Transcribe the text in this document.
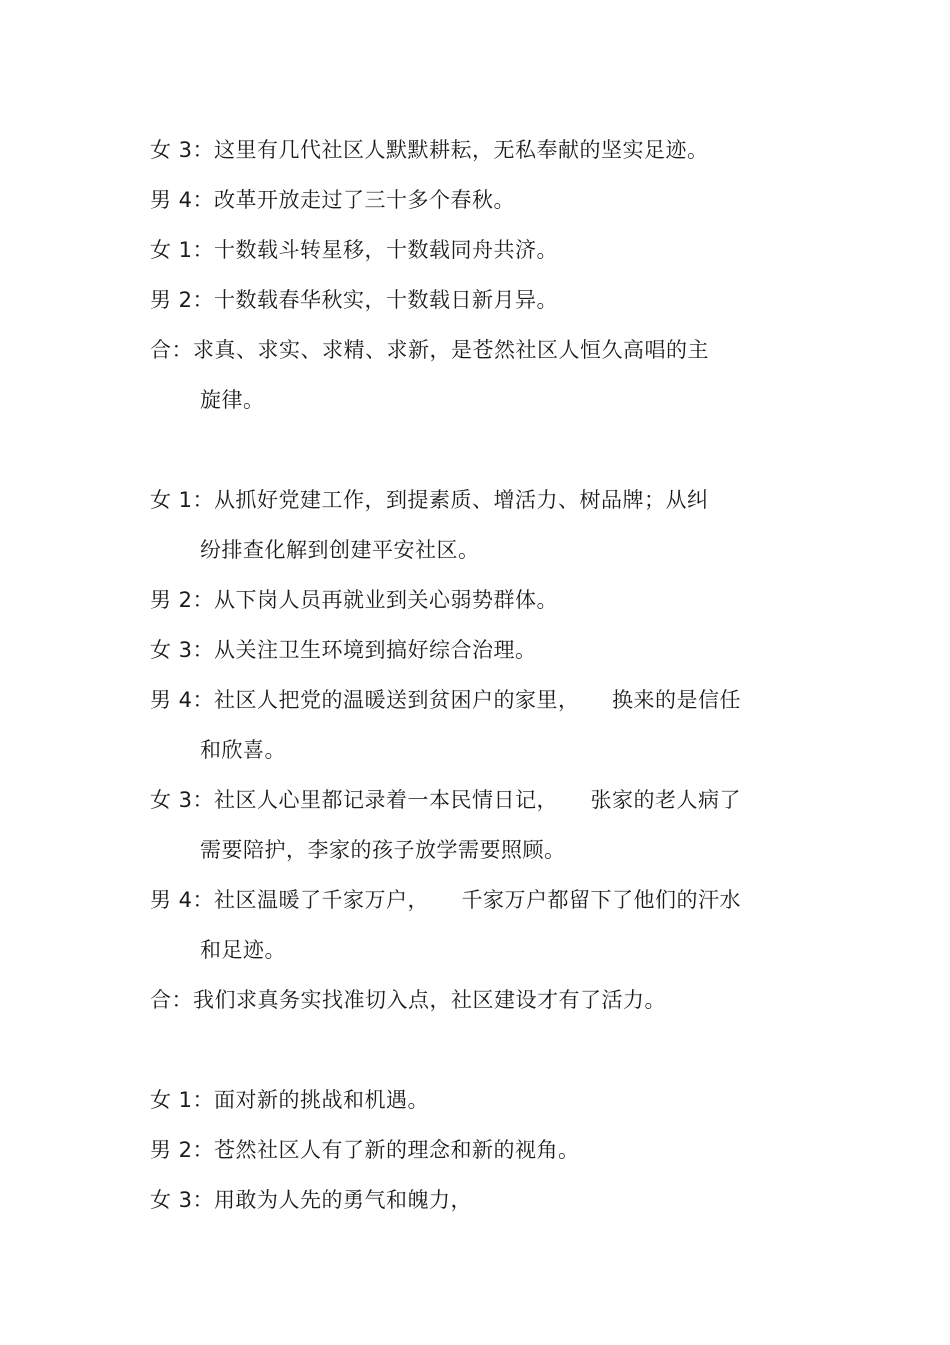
女 3：这里有几代社区人默默耕耘，无私奉献的坚实足迹。
男 4：改革开放走过了三十多个春秋。
女 1：十数载斗转星移，十数载同舟共济。
男 2：十数载春华秋实，十数载日新月异。
合：求真、求实、求精、求新，是苍然社区人恒久高唱的主
旋律。
女 1：从抓好党建工作，到提素质、增活力、树品牌；从纠
纷排查化解到创建平安社区。
男 2：从下岗人员再就业到关心弱势群体。
女 3：从关注卫生环境到搞好综合治理。
男 4：社区人把党的温暖送到贫困户的家里，　　换来的是信任
和欣喜。
女 3：社区人心里都记录着一本民情日记，　　张家的老人病了
需要陪护，李家的孩子放学需要照顾。
男 4：社区温暖了千家万户，　　千家万户都留下了他们的汗水
和足迹。
合：我们求真务实找准切入点，社区建设才有了活力。
女 1：面对新的挑战和机遇。
男 2：苍然社区人有了新的理念和新的视角。
女 3：用敢为人先的勇气和魄力，
